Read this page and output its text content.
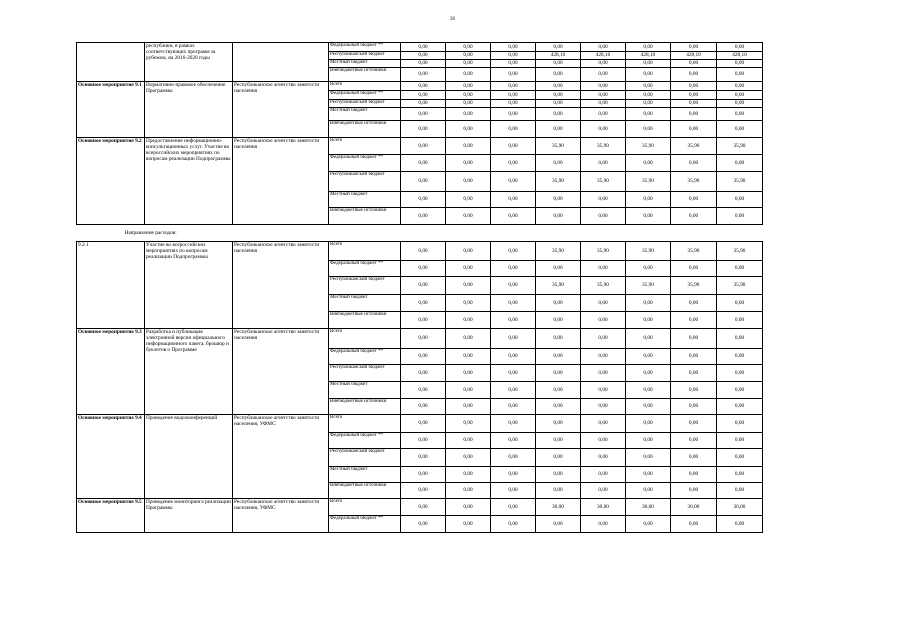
36
	республики, в рамках соответствующих программ за рубежом, на 2016-2020 годы		Федеральный бюджет **	0,00	0,00	0,00	0,00	0,00	0,00	0,00	0,00
			Республиканский бюджет	0,00	0,00	0,00	428,10	428,10	428,10	428,10	428,10
			Местный бюджет	0,00	0,00	0,00	0,00	0,00	0,00	0,00	0,00
			Внебюджетные источники	0,00	0,00	0,00	0,00	0,00	0,00	0,00	0,00
Основное мероприятие 9.1	Нормативно-правовое обеспечение Программы	Республиканское агентство занятости населения	Всего	0,00	0,00	0,00	0,00	0,00	0,00	0,00	0,00
			Федеральный бюджет **	0,00	0,00	0,00	0,00	0,00	0,00	0,00	0,00
			Республиканский бюджет	0,00	0,00	0,00	0,00	0,00	0,00	0,00	0,00
			Местный бюджет	0,00	0,00	0,00	0,00	0,00	0,00	0,00	0,00
			Внебюджетные источники	0,00	0,00	0,00	0,00	0,00	0,00	0,00	0,00
Основное мероприятие 9.2	Предоставление информационно-консультационных услуг. Участие во всероссийских мероприятиях по вопросам реализации Подпрограммы	Республиканское агентство занятости населения	Всего	0,00	0,00	0,00	35,90	35,90	35,90	35,90	35,90
			Федеральный бюджет **	0,00	0,00	0,00	0,00	0,00	0,00	0,00	0,00
			Республиканский бюджет	0,00	0,00	0,00	35,90	35,90	35,90	35,90	35,90
			Местный бюджет	0,00	0,00	0,00	0,00	0,00	0,00	0,00	0,00
			Внебюджетные источники	0,00	0,00	0,00	0,00	0,00	0,00	0,00	0,00
Направление расходов:											
9.2.1	Участие во всероссийских мероприятиях по вопросам реализации Подпрограммы	Республиканское агентство занятости населения	Всего	0,00	0,00	0,00	35,90	35,90	35,90	35,90	35,90
			Федеральный бюджет **	0,00	0,00	0,00	0,00	0,00	0,00	0,00	0,00
			Республиканский бюджет	0,00	0,00	0,00	35,90	35,90	35,90	35,90	35,90
			Местный бюджет	0,00	0,00	0,00	0,00	0,00	0,00	0,00	0,00
			Внебюджетные источники	0,00	0,00	0,00	0,00	0,00	0,00	0,00	0,00
Основное мероприятие 9.3	Разработка и публикация электронной версии официального информационного пакета, брошюр и буклетов о Программе	Республиканское агентство занятости населения	Всего	0,00	0,00	0,00	0,00	0,00	0,00	0,00	0,00
			Федеральный бюджет **	0,00	0,00	0,00	0,00	0,00	0,00	0,00	0,00
			Республиканский бюджет	0,00	0,00	0,00	0,00	0,00	0,00	0,00	0,00
			Местный бюджет	0,00	0,00	0,00	0,00	0,00	0,00	0,00	0,00
			Внебюджетные источники	0,00	0,00	0,00	0,00	0,00	0,00	0,00	0,00
Основное мероприятие 9.4	Проведение видеоконференций	Республиканское агентство занятости населения, УФМС	Всего	0,00	0,00	0,00	0,00	0,00	0,00	0,00	0,00
			Федеральный бюджет **	0,00	0,00	0,00	0,00	0,00	0,00	0,00	0,00
			Республиканский бюджет	0,00	0,00	0,00	0,00	0,00	0,00	0,00	0,00
			Местный бюджет	0,00	0,00	0,00	0,00	0,00	0,00	0,00	0,00
			Внебюджетные источники	0,00	0,00	0,00	0,00	0,00	0,00	0,00	0,00
Основное мероприятие 9.5	Проведение мониторинга реализации Программы	Республиканское агентство занятости населения, УФМС	Всего	0,00	0,00	0,00	30,00	30,00	30,00	30,00	30,00
			Федеральный бюджет **	0,00	0,00	0,00	0,00	0,00	0,00	0,00	0,00
